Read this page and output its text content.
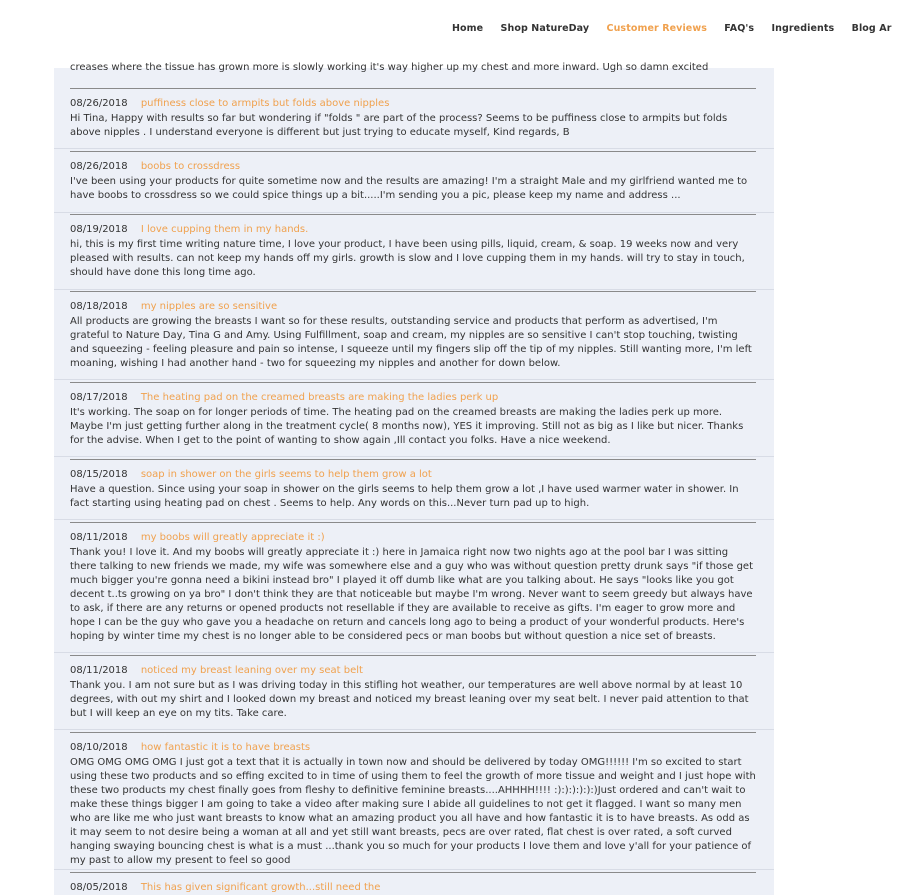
creases where the tissue has grown more is slowly working it's way higher up my chest and more inward. Ugh so damn excited
08/26/2018 puffiness close to armpits but folds above nipples
Hi Tina, Happy with results so far but wondering if "folds " are part of the process? Seems to be puffiness close to armpits but folds above nipples . I understand everyone is different but just trying to educate myself, Kind regards, B
08/26/2018 boobs to crossdress
I've been using your products for quite sometime now and the results are amazing! I'm a straight Male and my girlfriend wanted me to have boobs to crossdress so we could spice things up a bit.....I'm sending you a pic, please keep my name and address ...
08/19/2018 I love cupping them in my hands.
hi, this is my first time writing nature time, I love your product, I have been using pills, liquid, cream, & soap. 19 weeks now and very pleased with results. can not keep my hands off my girls. growth is slow and I love cupping them in my hands. will try to stay in touch, should have done this long time ago.
08/18/2018 my nipples are so sensitive
All products are growing the breasts I want so for these results, outstanding service and products that perform as advertised, I'm grateful to Nature Day, Tina G and Amy. Using Fulfillment, soap and cream, my nipples are so sensitive I can't stop touching, twisting and squeezing - feeling pleasure and pain so intense, I squeeze until my fingers slip off the tip of my nipples. Still wanting more, I'm left moaning, wishing I had another hand - two for squeezing my nipples and another for down below.
08/17/2018 The heating pad on the creamed breasts are making the ladies perk up
It's working. The soap on for longer periods of time. The heating pad on the creamed breasts are making the ladies perk up more. Maybe I'm just getting further along in the treatment cycle( 8 months now), YES it improving. Still not as big as I like but nicer. Thanks for the advise. When I get to the point of wanting to show again ,Ill contact you folks. Have a nice weekend.
08/15/2018 soap in shower on the girls seems to help them grow a lot
Have a question. Since using your soap in shower on the girls seems to help them grow a lot ,I have used warmer water in shower. In fact starting using heating pad on chest . Seems to help. Any words on this...Never turn pad up to high.
08/11/2018 my boobs will greatly appreciate it :)
Thank you! I love it. And my boobs will greatly appreciate it :) here in Jamaica right now two nights ago at the pool bar I was sitting there talking to new friends we made, my wife was somewhere else and a guy who was without question pretty drunk says "if those get much bigger you're gonna need a bikini instead bro" I played it off dumb like what are you talking about. He says "looks like you got decent t..ts growing on ya bro" I don't think they are that noticeable but maybe I'm wrong. Never want to seem greedy but always have to ask, if there are any returns or opened products not resellable if they are available to receive as gifts. I'm eager to grow more and hope I can be the guy who gave you a headache on return and cancels long ago to being a product of your wonderful products. Here's hoping by winter time my chest is no longer able to be considered pecs or man boobs but without question a nice set of breasts.
08/11/2018 noticed my breast leaning over my seat belt
Thank you. I am not sure but as I was driving today in this stifling hot weather, our temperatures are well above normal by at least 10 degrees, with out my shirt and I looked down my breast and noticed my breast leaning over my seat belt. I never paid attention to that but I will keep an eye on my tits. Take care.
08/10/2018 how fantastic it is to have breasts
OMG OMG OMG OMG I just got a text that it is actually in town now and should be delivered by today OMG!!!!!! I'm so excited to start using these two products and so effing excited to in time of using them to feel the growth of more tissue and weight and I just hope with these two products my chest finally goes from fleshy to definitive feminine breasts....AHHHH!!!! :):):):):):)Just ordered and can't wait to make these things bigger I am going to take a video after making sure I abide all guidelines to not get it flagged. I want so many men who are like me who just want breasts to know what an amazing product you all have and how fantastic it is to have breasts. As odd as it may seem to not desire being a woman at all and yet still want breasts, pecs are over rated, flat chest is over rated, a soft curved hanging swaying bouncing chest is what is a must ...thank you so much for your products I love them and love y'all for your patience of my past to allow my present to feel so good
08/05/2018 This has given significant growth...still need the
Home Shop NatureDay Customer Reviews FAQ's Ingredients Blog Ar
